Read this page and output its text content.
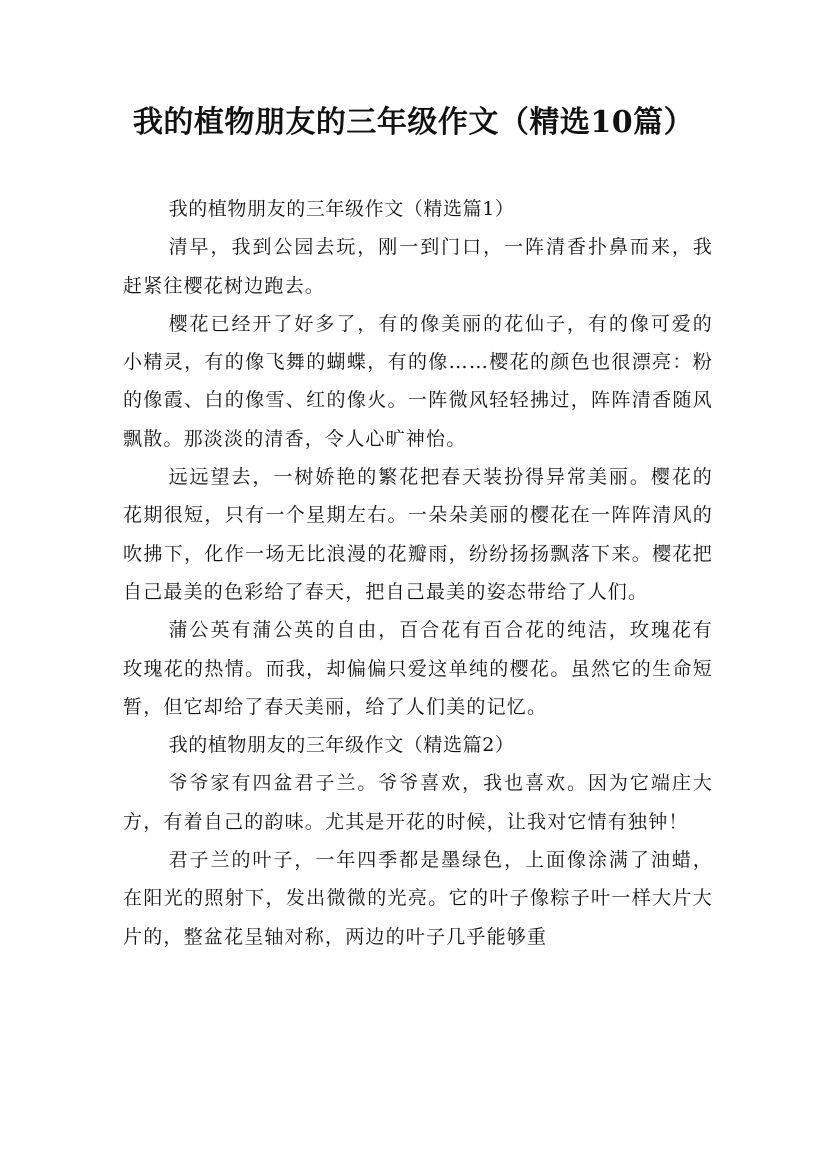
我的植物朋友的三年级作文（精选10篇）

我的植物朋友的三年级作文（精选篇1）

清早，我到公园去玩，刚一到门口，一阵清香扑鼻而来，我赶紧往樱花树边跑去。

樱花已经开了好多了，有的像美丽的花仙子，有的像可爱的小精灵，有的像飞舞的蝴蝶，有的像……樱花的颜色也很漂亮：粉的像霞、白的像雪、红的像火。一阵微风轻轻拂过，阵阵清香随风飘散。那淡淡的清香，令人心旷神怡。

远远望去，一树娇艳的繁花把春天装扮得异常美丽。樱花的花期很短，只有一个星期左右。一朵朵美丽的樱花在一阵阵清风的吹拂下，化作一场无比浪漫的花瓣雨，纷纷扬扬飘落下来。樱花把自己最美的色彩给了春天，把自己最美的姿态带给了人们。

蒲公英有蒲公英的自由，百合花有百合花的纯洁，玫瑰花有玫瑰花的热情。而我，却偏偏只爱这单纯的樱花。虽然它的生命短暂，但它却给了春天美丽，给了人们美的记忆。

我的植物朋友的三年级作文（精选篇2）

爷爷家有四盆君子兰。爷爷喜欢，我也喜欢。因为它端庄大方，有着自己的韵味。尤其是开花的时候，让我对它情有独钟！

君子兰的叶子，一年四季都是墨绿色，上面像涂满了油蜡，在阳光的照射下，发出微微的光亮。它的叶子像粽子叶一样大片大片的，整盆花呈轴对称，两边的叶子几乎能够重
